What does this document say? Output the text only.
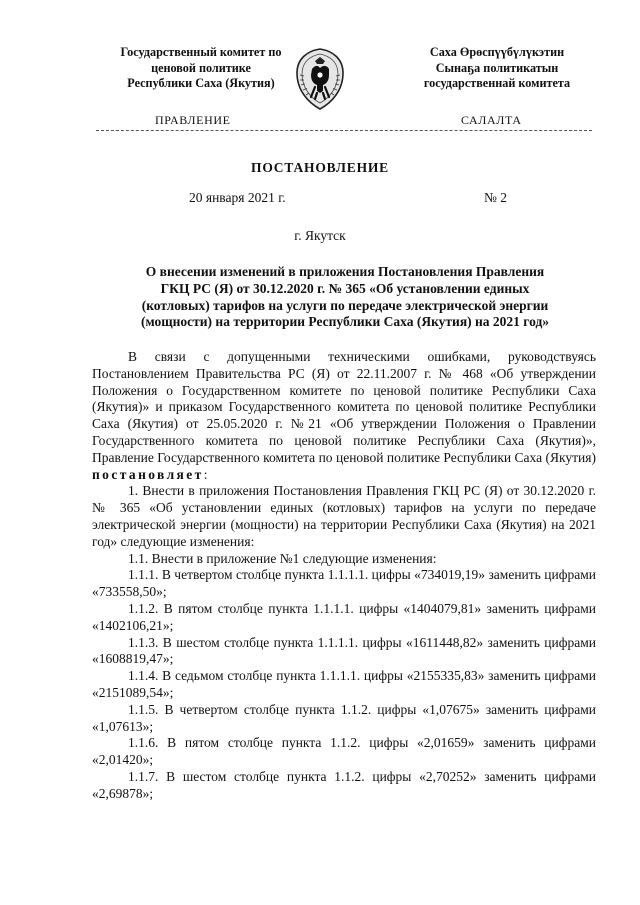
Государственный комитет по
ценовой политике
Республики Саха (Якутия)
Саха Өрөспүүбүлүкэтин
Сынаҕа политикатын
государственнай комитета
ПРАВЛЕНИЕ	САЛАЛТА
ПОСТАНОВЛЕНИЕ
20 января 2021 г.	№ 2
г. Якутск
О внесении изменений в приложения Постановления Правления
ГКЦ РС (Я) от 30.12.2020 г. № 365 «Об установлении единых
(котловых) тарифов на услуги по передаче электрической энергии
(мощности) на территории Республики Саха (Якутия) на 2021 год»

В связи с допущенными техническими ошибками, руководствуясь Постановлением Правительства РС (Я) от 22.11.2007 г. № 468 «Об утверждении Положения о Государственном комитете по ценовой политике Республики Саха (Якутия)» и приказом Государственного комитета по ценовой политике Республики Саха (Якутия) от 25.05.2020 г. №21 «Об утверждении Положения о Правлении Государственного комитета по ценовой политике Республики Саха (Якутия)», Правление Государственного комитета по ценовой политике Республики Саха (Якутия) постановляет:

1. Внести в приложения Постановления Правления ГКЦ РС (Я) от 30.12.2020 г. № 365 «Об установлении единых (котловых) тарифов на услуги по передаче электрической энергии (мощности) на территории Республики Саха (Якутия) на 2021 год» следующие изменения:

1.1. Внести в приложение №1 следующие изменения:

1.1.1. В четвертом столбце пункта 1.1.1.1. цифры «734019,19» заменить цифрами «733558,50»;

1.1.2. В пятом столбце пункта 1.1.1.1. цифры «1404079,81» заменить цифрами «1402106,21»;

1.1.3. В шестом столбце пункта 1.1.1.1. цифры «1611448,82» заменить цифрами «1608819,47»;

1.1.4. В седьмом столбце пункта 1.1.1.1. цифры «2155335,83» заменить цифрами «2151089,54»;

1.1.5. В четвертом столбце пункта 1.1.2. цифры «1,07675» заменить цифрами «1,07613»;

1.1.6. В пятом столбце пункта 1.1.2. цифры «2,01659» заменить цифрами «2,01420»;

1.1.7. В шестом столбце пункта 1.1.2. цифры «2,70252» заменить цифрами «2,69878»;
